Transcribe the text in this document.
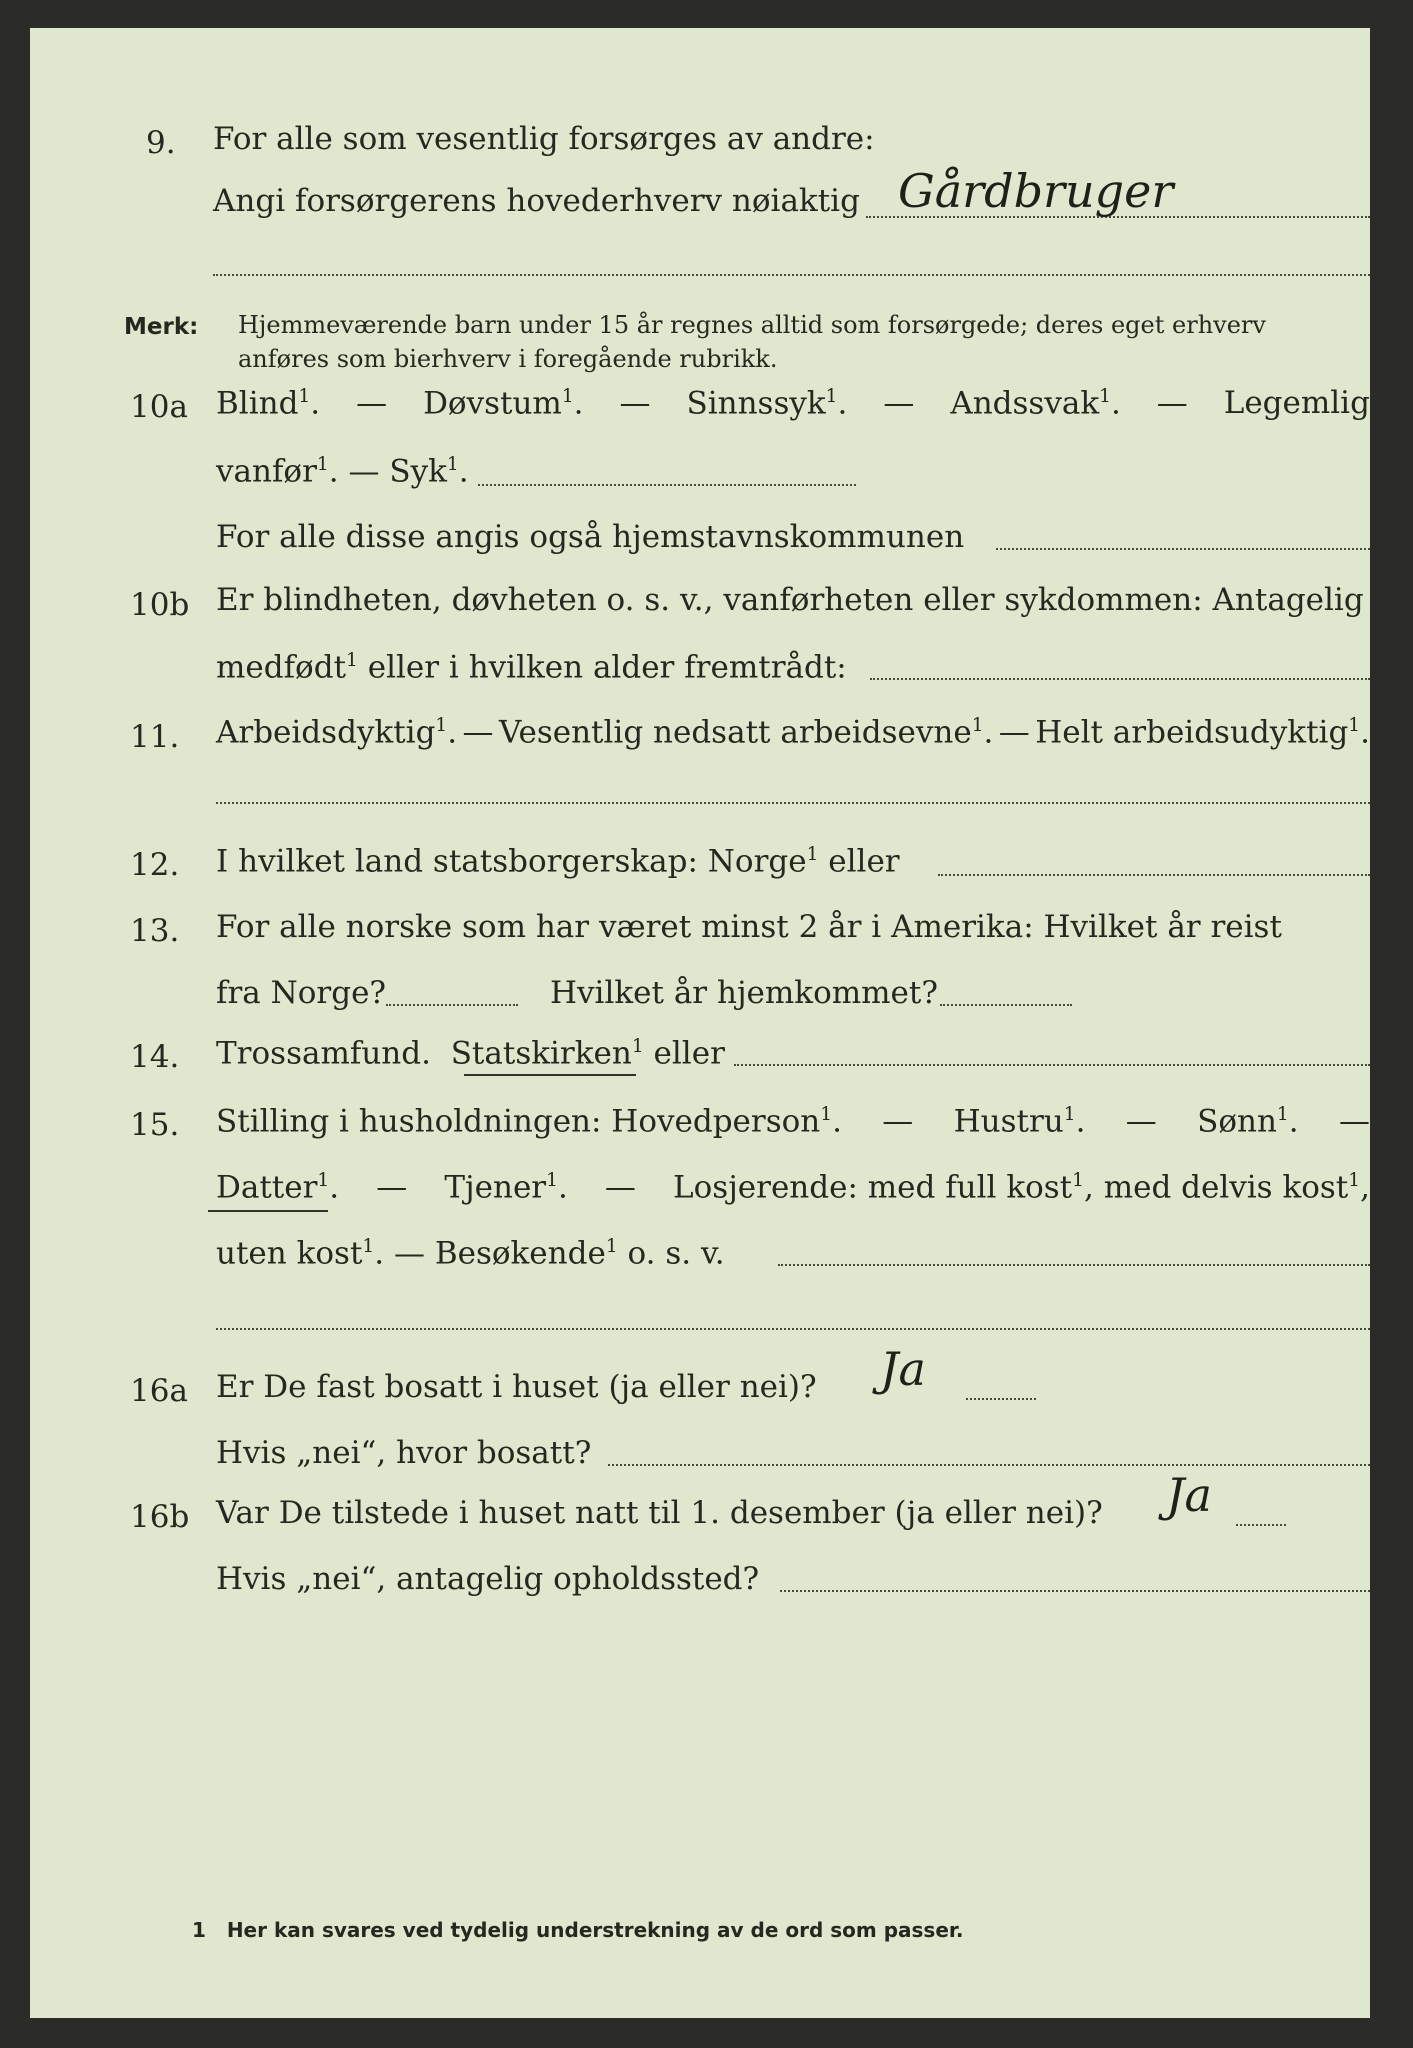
9. For alle som vesentlig forsørges av andre:
Angi forsørgerens hovederhverv nøiaktig Gårdbruger
Merk: Hjemmeværende barn under 15 år regnes alltid som forsørgede; deres eget erhverv
anføres som bierhverv i foregående rubrikk.
10a Blind$^1$. — Døvstum$^1$. — Sinnssyk$^1$. — Andssvak$^1$. — Legemlig
vanfør$^1$. — Syk$^1$.
For alle disse angis også hjemstavnskommunen
10b Er blindheten, døvheten o. s. v., vanførheten eller sykdommen: Antagelig
medfødt$^1$ eller i hvilken alder fremtrådt:
11. Arbeidsdyktig$^1$. — Vesentlig nedsatt arbeidsevne$^1$. — Helt arbeidsudyktig$^1$.
12. I hvilket land statsborgerskap: Norge$^1$ eller
13. For alle norske som har været minst 2 år i Amerika: Hvilket år reist
fra Norge?	Hvilket år hjemkommet?
14. Trossamfund. Statskirken$^1$ eller
15. Stilling i husholdningen: Hovedperson$^1$. — Hustru$^1$. — Sønn$^1$. —
Datter$^1$. — Tjener$^1$. — Losjerende: med full kost$^1$, med delvis kost$^1$,
uten kost$^1$. — Besøkende$^1$ o. s. v.
16a Er De fast bosatt i huset (ja eller nei)? Ja
Hvis „nei“, hvor bosatt?
16b Var De tilstede i huset natt til 1. desember (ja eller nei)? Ja
Hvis „nei“, antagelig opholdssted?
1 Her kan svares ved tydelig understrekning av de ord som passer.
